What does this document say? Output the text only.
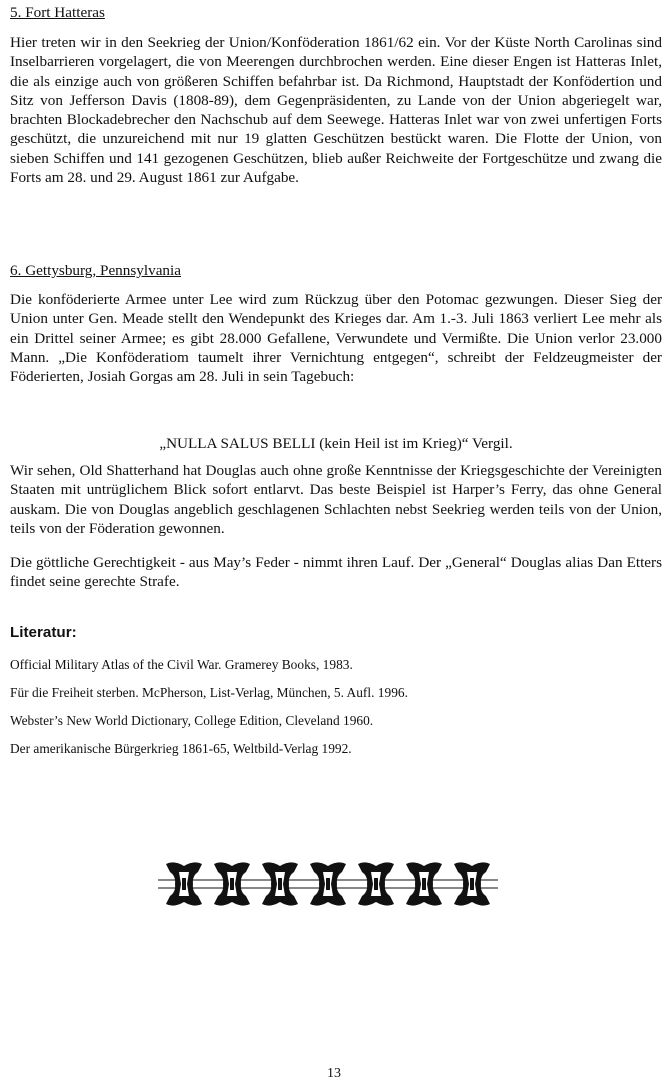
5. Fort Hatteras

Hier treten wir in den Seekrieg der Union/Konföderation 1861/62 ein. Vor der Küste North Carolinas sind Inselbarrieren vorgelagert, die von Meerengen durchbrochen werden. Eine dieser Engen ist Hatteras Inlet, die als einzige auch von größeren Schiffen befahrbar ist. Da Richmond, Hauptstadt der Konfödertion und Sitz von Jefferson Davis (1808-89), dem Gegenpräsidenten, zu Lande von der Union abgeriegelt war, brachten Blockadebrecher den Nachschub auf dem Seewege. Hatteras Inlet war von zwei unfertigen Forts geschützt, die unzureichend mit nur 19 glatten Geschützen bestückt waren. Die Flotte der Union, von sieben Schiffen und 141 gezogenen Geschützen, blieb außer Reichweite der Fortgeschütze und zwang die Forts am 28. und 29. August 1861 zur Aufgabe.

6. Gettysburg, Pennsylvania

Die konföderierte Armee unter Lee wird zum Rückzug über den Potomac gezwungen. Dieser Sieg der Union unter Gen. Meade stellt den Wendepunkt des Krieges dar. Am 1.-3. Juli 1863 verliert Lee mehr als ein Drittel seiner Armee; es gibt 28.000 Gefallene, Verwundete und Vermißte. Die Union verlor 23.000 Mann. „Die Konföderatiom taumelt ihrer Vernichtung entgegen“, schreibt der Feldzeugmeister der Föderierten, Josiah Gorgas am 28. Juli in sein Tagebuch:

„NULLA SALUS BELLI (kein Heil ist im Krieg)“ Vergil.

Wir sehen, Old Shatterhand hat Douglas auch ohne große Kenntnisse der Kriegsgeschichte der Vereinigten Staaten mit untrüglichem Blick sofort entlarvt. Das beste Beispiel ist Harper’s Ferry, das ohne General auskam. Die von Douglas angeblich geschlagenen Schlachten nebst Seekrieg werden teils von der Union, teils von der Föderation gewonnen.

Die göttliche Gerechtigkeit - aus May’s Feder - nimmt ihren Lauf. Der „General“ Douglas alias Dan Etters findet seine gerechte Strafe.

Literatur:
Official Military Atlas of the Civil War. Gramerey Books, 1983.
Für die Freiheit sterben. McPherson, List-Verlag, München, 5. Aufl. 1996.
Webster’s New World Dictionary, College Edition, Cleveland 1960.
Der amerikanische Bürgerkrieg 1861-65, Weltbild-Verlag 1992.
13
